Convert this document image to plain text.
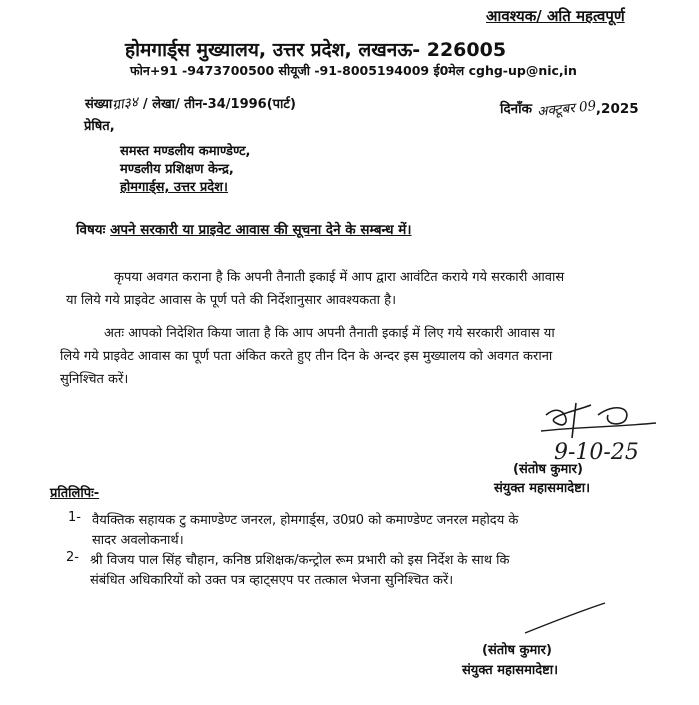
आवश्यक/ अति महत्वपूर्ण
होमगार्ड्स मुख्यालय, उत्तर प्रदेश, लखनऊ- 226005
फोन+91 -9473700500 सीयूजी -91-8005194009 ई0मेल cghg-up@nic,in
संख्याग्रा३४ / लेखा/ तीन-34/1996(पार्ट)	दिनाँक अक्टूबर 09,2025
प्रेषित,
समस्त मण्डलीय कमाण्डेण्ट,
मण्डलीय प्रशिक्षण केन्द्र,
होमगार्ड्स, उत्तर प्रदेश।
विषयः अपने सरकारी या प्राइवेट आवास की सूचना देने के सम्बन्ध में।
कृपया अवगत कराना है कि अपनी तैनाती इकाई में आप द्वारा आवंटित कराये गये सरकारी आवास
या लिये गये प्राइवेट आवास के पूर्ण पते की निर्देशानुसार आवश्यकता है।
अतः आपको निदेशित किया जाता है कि आप अपनी तैनाती इकाई में लिए गये सरकारी आवास या
लिये गये प्राइवेट आवास का पूर्ण पता अंकित करते हुए तीन दिन के अन्दर इस मुख्यालय को अवगत कराना
सुनिश्चित करें।
9-10-25
(संतोष कुमार)
संयुक्त महासमादेष्टा।
प्रतिलिपिः-
1- वैयक्तिक सहायक टु कमाण्डेण्ट जनरल, होमगार्ड्स, उ0प्र0 को कमाण्डेण्ट जनरल महोदय के
सादर अवलोकनार्थ।
2- श्री विजय पाल सिंह चौहान, कनिष्ठ प्रशिक्षक/कन्ट्रोल रूम प्रभारी को इस निर्देश के साथ कि
संबंधित अधिकारियों को उक्त पत्र व्हाट्सएप पर तत्काल भेजना सुनिश्चित करें।
(संतोष कुमार)
संयुक्त महासमादेष्टा।
